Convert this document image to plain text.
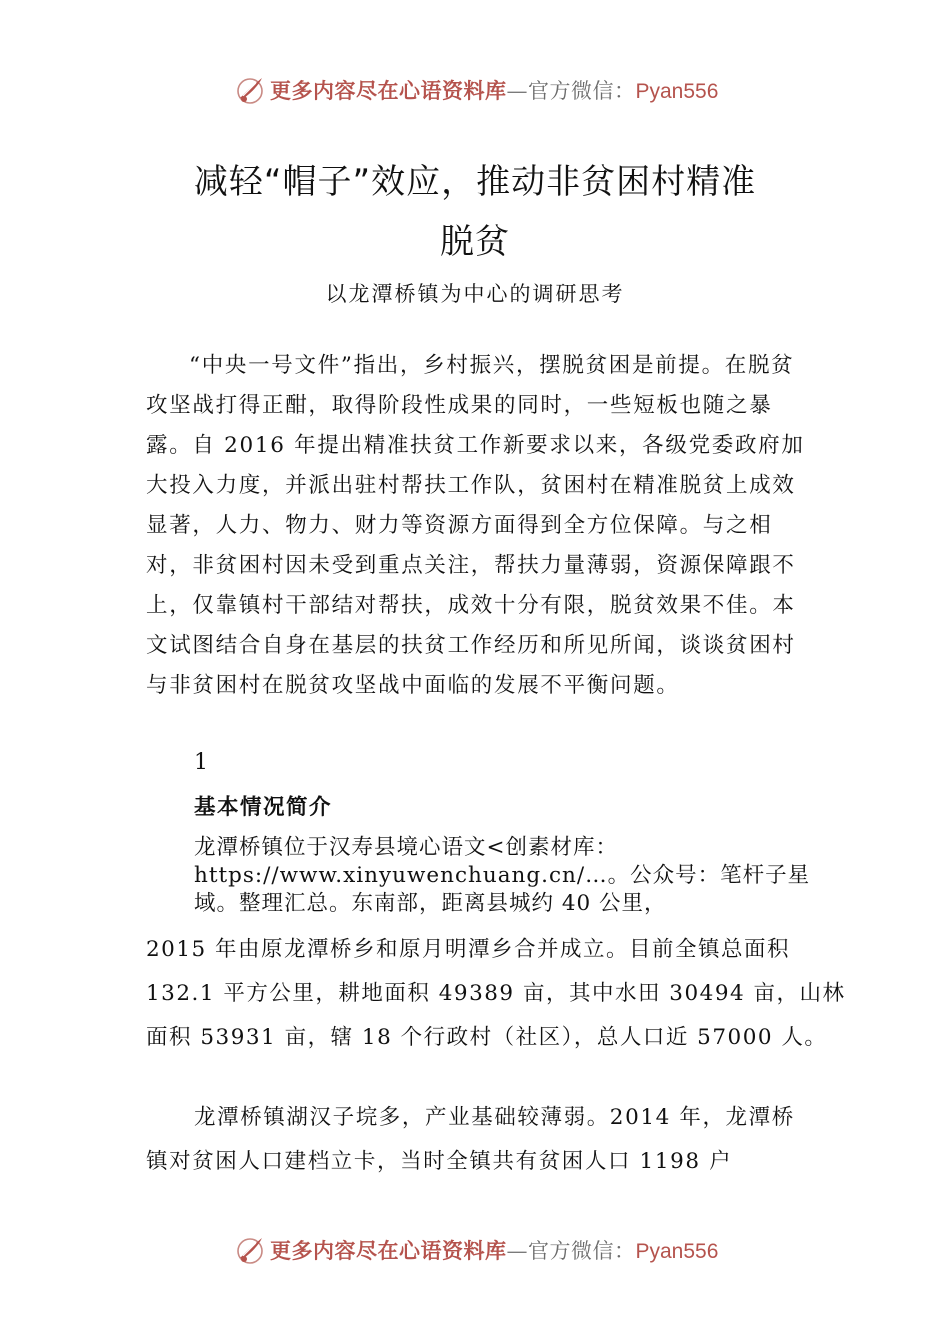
更多内容尽在心语资料库—官方微信：Pyan556
减轻“帽子”效应，推动非贫困村精准
脱贫
以龙潭桥镇为中心的调研思考

“中央一号文件”指出，乡村振兴，摆脱贫困是前提。在脱贫攻坚战打得正酣，取得阶段性成果的同时，一些短板也随之暴露。自 2016 年提出精准扶贫工作新要求以来，各级党委政府加大投入力度，并派出驻村帮扶工作队，贫困村在精准脱贫上成效显著，人力、物力、财力等资源方面得到全方位保障。与之相对，非贫困村因未受到重点关注，帮扶力量薄弱，资源保障跟不上，仅靠镇村干部结对帮扶，成效十分有限，脱贫效果不佳。本文试图结合自身在基层的扶贫工作经历和所见所闻，谈谈贫困村与非贫困村在脱贫攻坚战中面临的发展不平衡问题。

1
基本情况简介

龙潭桥镇位于汉寿县境心语文<创素材库：https://www.xinyuwenchuang.cn/…。公众号：笔杆子星域。整理汇总。东南部，距离县城约 40 公里，

2015 年由原龙潭桥乡和原月明潭乡合并成立。目前全镇总面积 132.1 平方公里，耕地面积 49389 亩，其中水田 30494 亩，山林面积 53931 亩，辖 18 个行政村（社区），总人口近 57000 人。

龙潭桥镇湖汉子垸多，产业基础较薄弱。2014 年，龙潭桥镇对贫困人口建档立卡，当时全镇共有贫困人口 1198 户

更多内容尽在心语资料库—官方微信：Pyan556
